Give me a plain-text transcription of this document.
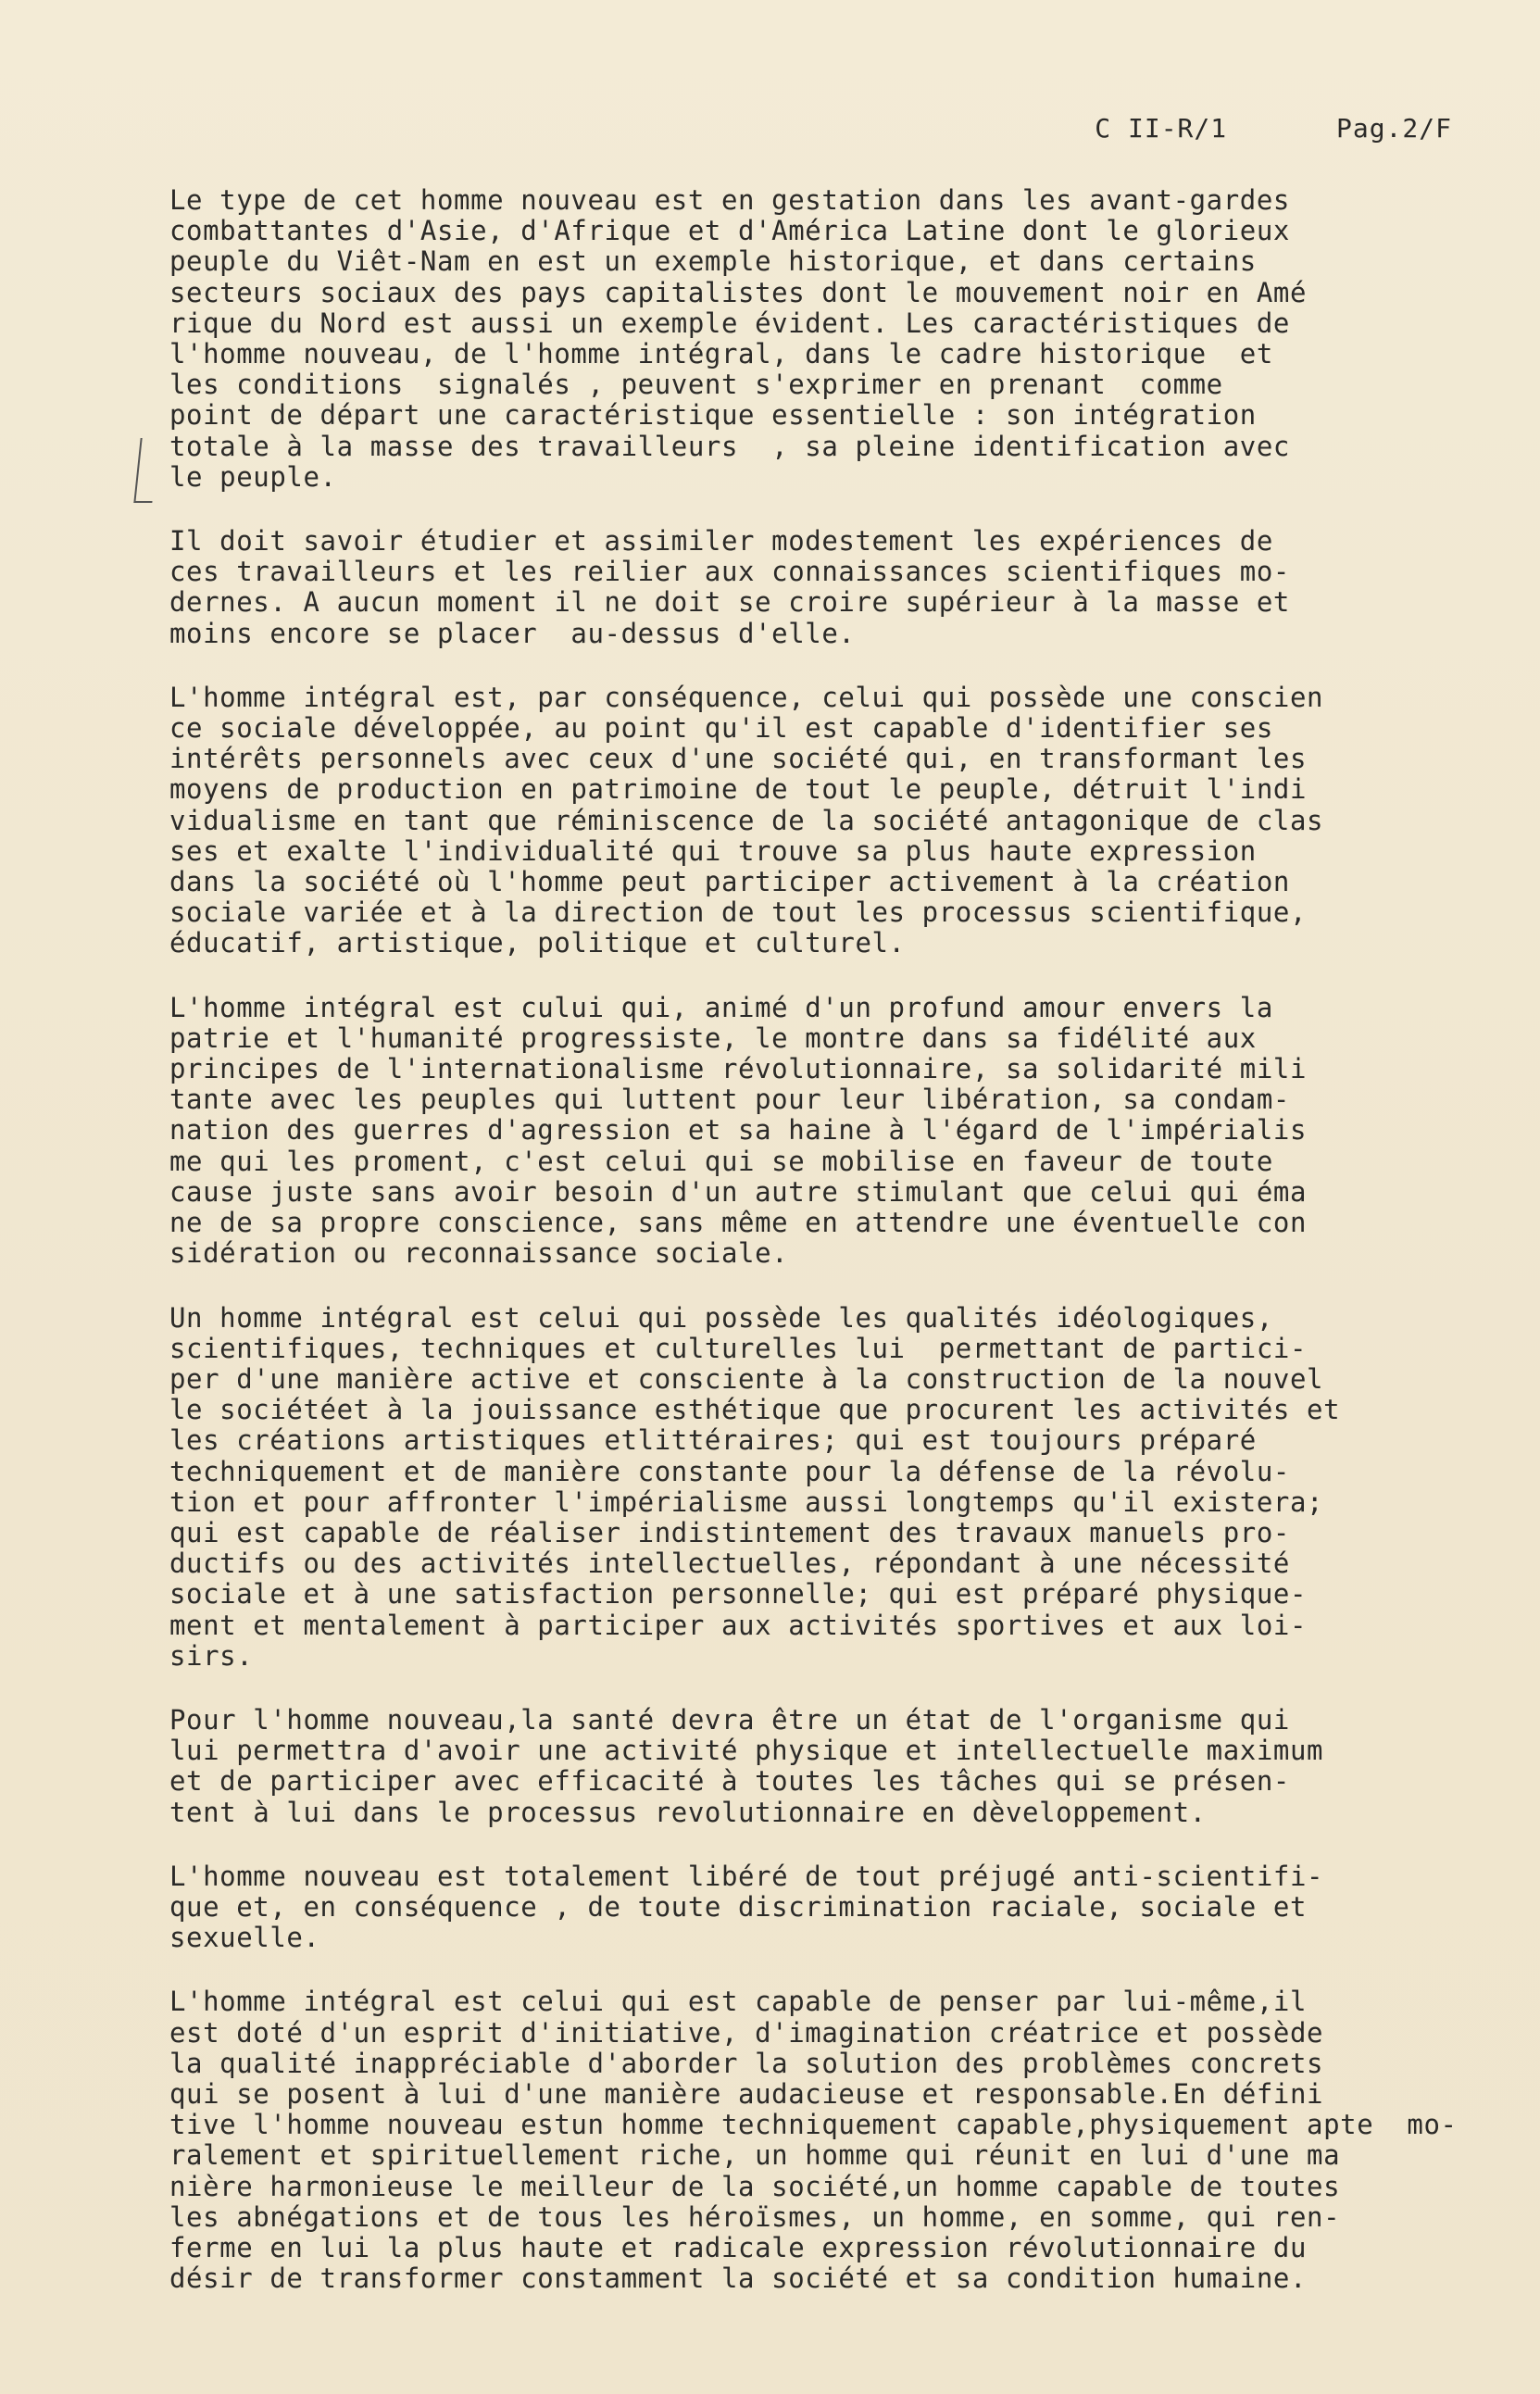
C II-R/1	Pag.2/F
Le type de cet homme nouveau est en gestation dans les avant-gardes
combattantes d'Asie, d'Afrique et d'América Latine dont le glorieux
peuple du Viêt-Nam en est un exemple historique, et dans certains
secteurs sociaux des pays capitalistes dont le mouvement noir en Amé
rique du Nord est aussi un exemple évident. Les caractéristiques de
l'homme nouveau, de l'homme intégral, dans le cadre historique  et
les conditions  signalés , peuvent s'exprimer en prenant  comme
point de départ une caractéristique essentielle : son intégration
totale à la masse des travailleurs  , sa pleine identification avec
le peuple.
Il doit savoir étudier et assimiler modestement les expériences de
ces travailleurs et les reilier aux connaissances scientifiques mo-
dernes. A aucun moment il ne doit se croire supérieur à la masse et
moins encore se placer  au-dessus d'elle.
L'homme intégral est, par conséquence, celui qui possède une conscien
ce sociale développée, au point qu'il est capable d'identifier ses
intérêts personnels avec ceux d'une société qui, en transformant les
moyens de production en patrimoine de tout le peuple, détruit l'indi
vidualisme en tant que réminiscence de la société antagonique de clas
ses et exalte l'individualité qui trouve sa plus haute expression
dans la société où l'homme peut participer activement à la création
sociale variée et à la direction de tout les processus scientifique,
éducatif, artistique, politique et culturel.
L'homme intégral est cului qui, animé d'un profund amour envers la
patrie et l'humanité progressiste, le montre dans sa fidélité aux
principes de l'internationalisme révolutionnaire, sa solidarité mili
tante avec les peuples qui luttent pour leur libération, sa condam-
nation des guerres d'agression et sa haine à l'égard de l'impérialis
me qui les proment, c'est celui qui se mobilise en faveur de toute
cause juste sans avoir besoin d'un autre stimulant que celui qui éma
ne de sa propre conscience, sans même en attendre une éventuelle con
sidération ou reconnaissance sociale.
Un homme intégral est celui qui possède les qualités idéologiques,
scientifiques, techniques et culturelles lui  permettant de partici-
per d'une manière active et consciente à la construction de la nouvel
le sociétéet à la jouissance esthétique que procurent les activités et
les créations artistiques etlittéraires; qui est toujours préparé
techniquement et de manière constante pour la défense de la révolu-
tion et pour affronter l'impérialisme aussi longtemps qu'il existera;
qui est capable de réaliser indistintement des travaux manuels pro-
ductifs ou des activités intellectuelles, répondant à une nécessité
sociale et à une satisfaction personnelle; qui est préparé physique-
ment et mentalement à participer aux activités sportives et aux loi-
sirs.
Pour l'homme nouveau,la santé devra être un état de l'organisme qui
lui permettra d'avoir une activité physique et intellectuelle maximum
et de participer avec efficacité à toutes les tâches qui se présen-
tent à lui dans le processus revolutionnaire en dèveloppement.
L'homme nouveau est totalement libéré de tout préjugé anti-scientifi-
que et, en conséquence , de toute discrimination raciale, sociale et
sexuelle.
L'homme intégral est celui qui est capable de penser par lui-même,il
est doté d'un esprit d'initiative, d'imagination créatrice et possède
la qualité inappréciable d'aborder la solution des problèmes concrets
qui se posent à lui d'une manière audacieuse et responsable.En défini
tive l'homme nouveau estun homme techniquement capable,physiquement apte  mo-
ralement et spirituellement riche, un homme qui réunit en lui d'une ma
nière harmonieuse le meilleur de la société,un homme capable de toutes
les abnégations et de tous les héroïsmes, un homme, en somme, qui ren-
ferme en lui la plus haute et radicale expression révolutionnaire du
désir de transformer constamment la société et sa condition humaine.
